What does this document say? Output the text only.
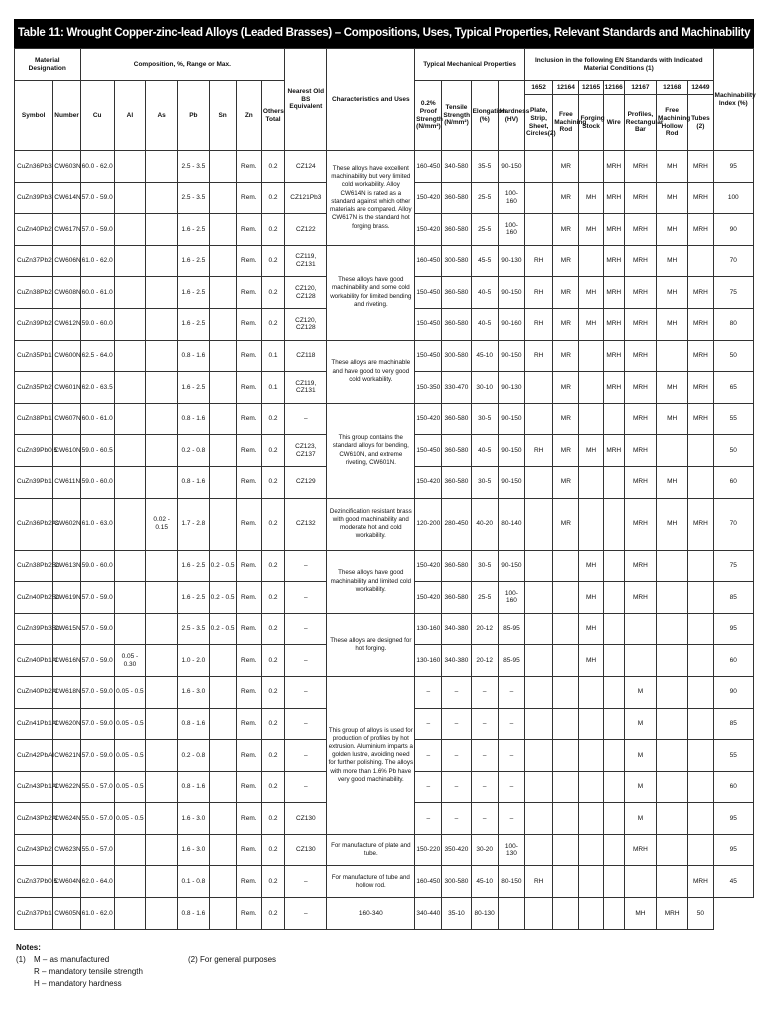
Table 11: Wrought Copper-zinc-lead Alloys (Leaded Brasses) – Compositions, Uses, Typical Properties, Relevant Standards and Machinability
Material Designation		Composition, %, Range or Max.							Nearest Old BS Equivalent	Characteristics and Uses	Typical Mechanical Properties				Inclusion in the following EN Standards with Indicated Material Conditions (1)							Machinability Index (%)
Symbol	Number	Cu	Al	As	Pb	Sn	Zn	Others Total			0.2% Proof Strength (N/mm²)	Tensile Strength (N/mm²)	Elongation (%)	Hardness (HV)	1652	12164	12165	12166	12167	12168	12449	
															Plate, Strip, Sheet, Circles(2)	Free Machining Rod	Forging Stock	Wire	Profiles, Rectangular Bar	Free Machining Hollow Rod	Tubes (2)	
CuZn36Pb3	CW603N	60.0 - 62.0			2.5 - 3.5		Rem.	0.2	CZ124	These alloys have excellent machinability but very limited cold workability. Alloy CW614N is rated as a standard against which other materials are compared. Alloy CW617N is the standard hot forging brass.	160-450	340-580	35-5	90-150		MR		MRH	MRH	MH	MRH	95
CuZn39Pb3	CW614N	57.0 - 59.0			2.5 - 3.5		Rem.	0.2	CZ121Pb3		150-420	360-580	25-5	100-160		MR	MH	MRH	MRH	MH	MRH	100
CuZn40Pb2	CW617N	57.0 - 59.0			1.6 - 2.5		Rem.	0.2	CZ122		150-420	360-580	25-5	100-160		MR	MH	MRH	MRH	MH	MRH	90
CuZn37Pb2	CW606N	61.0 - 62.0			1.6 - 2.5		Rem.	0.2	CZ119, CZ131	These alloys have good machinability and some cold workability for limited bending and riveting.	160-450	300-580	45-5	90-130	RH	MR		MRH	MRH	MH		70
CuZn38Pb2	CW608N	60.0 - 61.0			1.6 - 2.5		Rem.	0.2	CZ120, CZ128		150-450	360-580	40-5	90-150	RH	MR	MH	MRH	MRH	MH	MRH	75
CuZn39Pb2	CW612N	59.0 - 60.0			1.6 - 2.5		Rem.	0.2	CZ120, CZ128		150-450	360-580	40-5	90-160	RH	MR	MH	MRH	MRH	MH	MRH	80
CuZn35Pb1	CW600N	62.5 - 64.0			0.8 - 1.6		Rem.	0.1	CZ118	These alloys are machinable and have good to very good cold workability.	150-450	300-580	45-10	90-150	RH	MR		MRH	MRH		MRH	50
CuZn35Pb2	CW601N	62.0 - 63.5			1.6 - 2.5		Rem.	0.1	CZ119, CZ131		150-350	330-470	30-10	90-130		MR		MRH	MRH	MH	MRH	65
CuZn38Pb1	CW607N	60.0 - 61.0			0.8 - 1.6		Rem.	0.2	–	This group contains the standard alloys for bending, CW610N, and extreme riveting, CW601N.	150-420	360-580	30-5	90-150		MR			MRH	MH	MRH	55
CuZn39Pb0.5	CW610N	59.0 - 60.5			0.2 - 0.8		Rem.	0.2	CZ123, CZ137		150-450	360-580	40-5	90-150	RH	MR	MH	MRH	MRH			50
CuZn39Pb1	CW611N	59.0 - 60.0			0.8 - 1.6		Rem.	0.2	CZ129		150-420	360-580	30-5	90-150		MR			MRH	MH		60
CuZn36Pb2As	CW602N	61.0 - 63.0		0.02 - 0.15	1.7 - 2.8		Rem.	0.2	CZ132	Dezincification resistant brass with good machinability and moderate hot and cold workability.	120-200	280-450	40-20	80-140		MR			MRH	MH	MRH	70
CuZn38Pb2Sn	CW613N	59.0 - 60.0			1.6 - 2.5	0.2 - 0.5	Rem.	0.2	–	These alloys have good machinability and limited cold workability.	150-420	360-580	30-5	90-150			MH		MRH			75
CuZn40Pb2Sn	CW619N	57.0 - 59.0			1.6 - 2.5	0.2 - 0.5	Rem.	0.2	–		150-420	360-580	25-5	100-160			MH		MRH			85
CuZn39Pb3Sn	CW615N	57.0 - 59.0			2.5 - 3.5	0.2 - 0.5	Rem.	0.2	–	These alloys are designed for hot forging.	130-160	340-380	20-12	85-95			MH					95
CuZn40Pb1Al	CW616N	57.0 - 59.0	0.05 - 0.30		1.0 - 2.0		Rem.	0.2	–		130-160	340-380	20-12	85-95			MH					60
CuZn40Pb2Al	CW618N	57.0 - 59.0	0.05 - 0.5		1.6 - 3.0		Rem.	0.2	–	This group of alloys is used for production of profiles by hot extrusion. Aluminium imparts a golden lustre, avoiding need for further polishing. The alloys with more than 1.6% Pb have very good machinability.	–	–	–	–					M			90
CuZn41Pb1Al	CW620N	57.0 - 59.0	0.05 - 0.5		0.8 - 1.6		Rem.	0.2	–		–	–	–	–					M			85
CuZn42PbAl	CW621N	57.0 - 59.0	0.05 - 0.5		0.2 - 0.8		Rem.	0.2	–		–	–	–	–					M			55
CuZn43Pb1Al	CW622N	55.0 - 57.0	0.05 - 0.5		0.8 - 1.6		Rem.	0.2	–		–	–	–	–					M			60
CuZn43Pb2Al	CW624N	55.0 - 57.0	0.05 - 0.5		1.6 - 3.0		Rem.	0.2	CZ130		–	–	–	–					M			95
CuZn43Pb2	CW623N	55.0 - 57.0			1.6 - 3.0		Rem.	0.2	CZ130	For manufacture of plate and tube.	150-220	350-420	30-20	100-130					MRH			95
CuZn37Pb0.5	CW604N	62.0 - 64.0			0.1 - 0.8		Rem.	0.2	–	For manufacture of tube and hollow rod.	160-450	300-580	45-10	80-150	RH						MRH	45
CuZn37Pb1	CW605N	61.0 - 62.0			0.8 - 1.6		Rem.	0.2	–	160-340	340-440	35-10	80-130						MH	MRH	50	
Notes:
(1) M – as manufactured	(2) For general purposes
R – mandatory tensile strength
H – mandatory hardness
